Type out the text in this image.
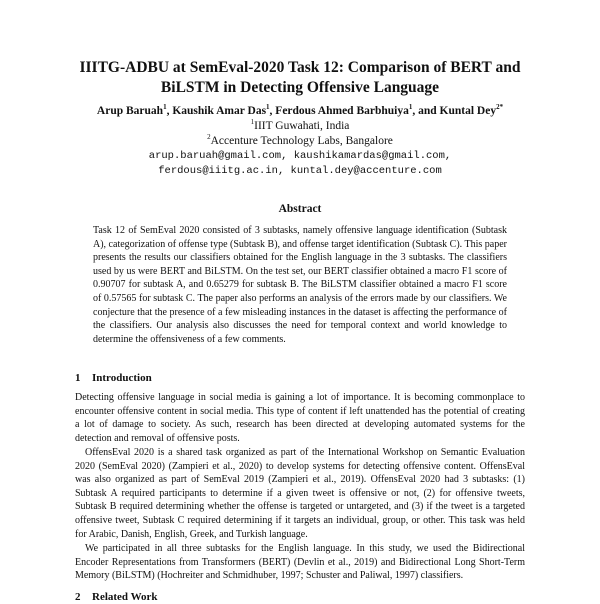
IIITG-ADBU at SemEval-2020 Task 12: Comparison of BERT and
BiLSTM in Detecting Offensive Language
Arup Baruah$^1$, Kaushik Amar Das$^1$, Ferdous Ahmed Barbhuiya$^1$, and Kuntal Dey$^{2*}$
$^1$IIIT Guwahati, India
$^2$Accenture Technology Labs, Bangalore
arup.baruah@gmail.com, kaushikamardas@gmail.com,
ferdous@iiitg.ac.in, kuntal.dey@accenture.com
Abstract

Task 12 of SemEval 2020 consisted of 3 subtasks, namely offensive language identification (Subtask A), categorization of offense type (Subtask B), and offense target identification (Subtask C). This paper presents the results our classifiers obtained for the English language in the 3 subtasks. The classifiers used by us were BERT and BiLSTM. On the test set, our BERT classifier obtained a macro F1 score of 0.90707 for subtask A, and 0.65279 for subtask B. The BiLSTM classifier obtained a macro F1 score of 0.57565 for subtask C. The paper also performs an analysis of the errors made by our classifiers. We conjecture that the presence of a few misleading instances in the dataset is affecting the performance of the classifiers. Our analysis also discusses the need for temporal context and world knowledge to determine the offensiveness of a few comments.

1 Introduction

Detecting offensive language in social media is gaining a lot of importance. It is becoming commonplace to encounter offensive content in social media. This type of content if left unattended has the potential of creating a lot of damage to society. As such, research has been directed at developing automated systems for the detection and removal of offensive posts.

OffensEval 2020 is a shared task organized as part of the International Workshop on Semantic Evaluation 2020 (SemEval 2020) (Zampieri et al., 2020) to develop systems for detecting offensive content. OffensEval was also organized as part of SemEval 2019 (Zampieri et al., 2019). OffensEval 2020 had 3 subtasks: (1) Subtask A required participants to determine if a given tweet is offensive or not, (2) for offensive tweets, Subtask B required determining whether the offense is targeted or untargeted, and (3) if the tweet is a targeted offensive tweet, Subtask C required determining if it targets an individual, group, or other. This task was held for Arabic, Danish, English, Greek, and Turkish language.

We participated in all three subtasks for the English language. In this study, we used the Bidirectional Encoder Representations from Transformers (BERT) (Devlin et al., 2019) and Bidirectional Long Short-Term Memory (BiLSTM) (Hochreiter and Schmidhuber, 1997; Schuster and Paliwal, 1997) classifiers.

2 Related Work
